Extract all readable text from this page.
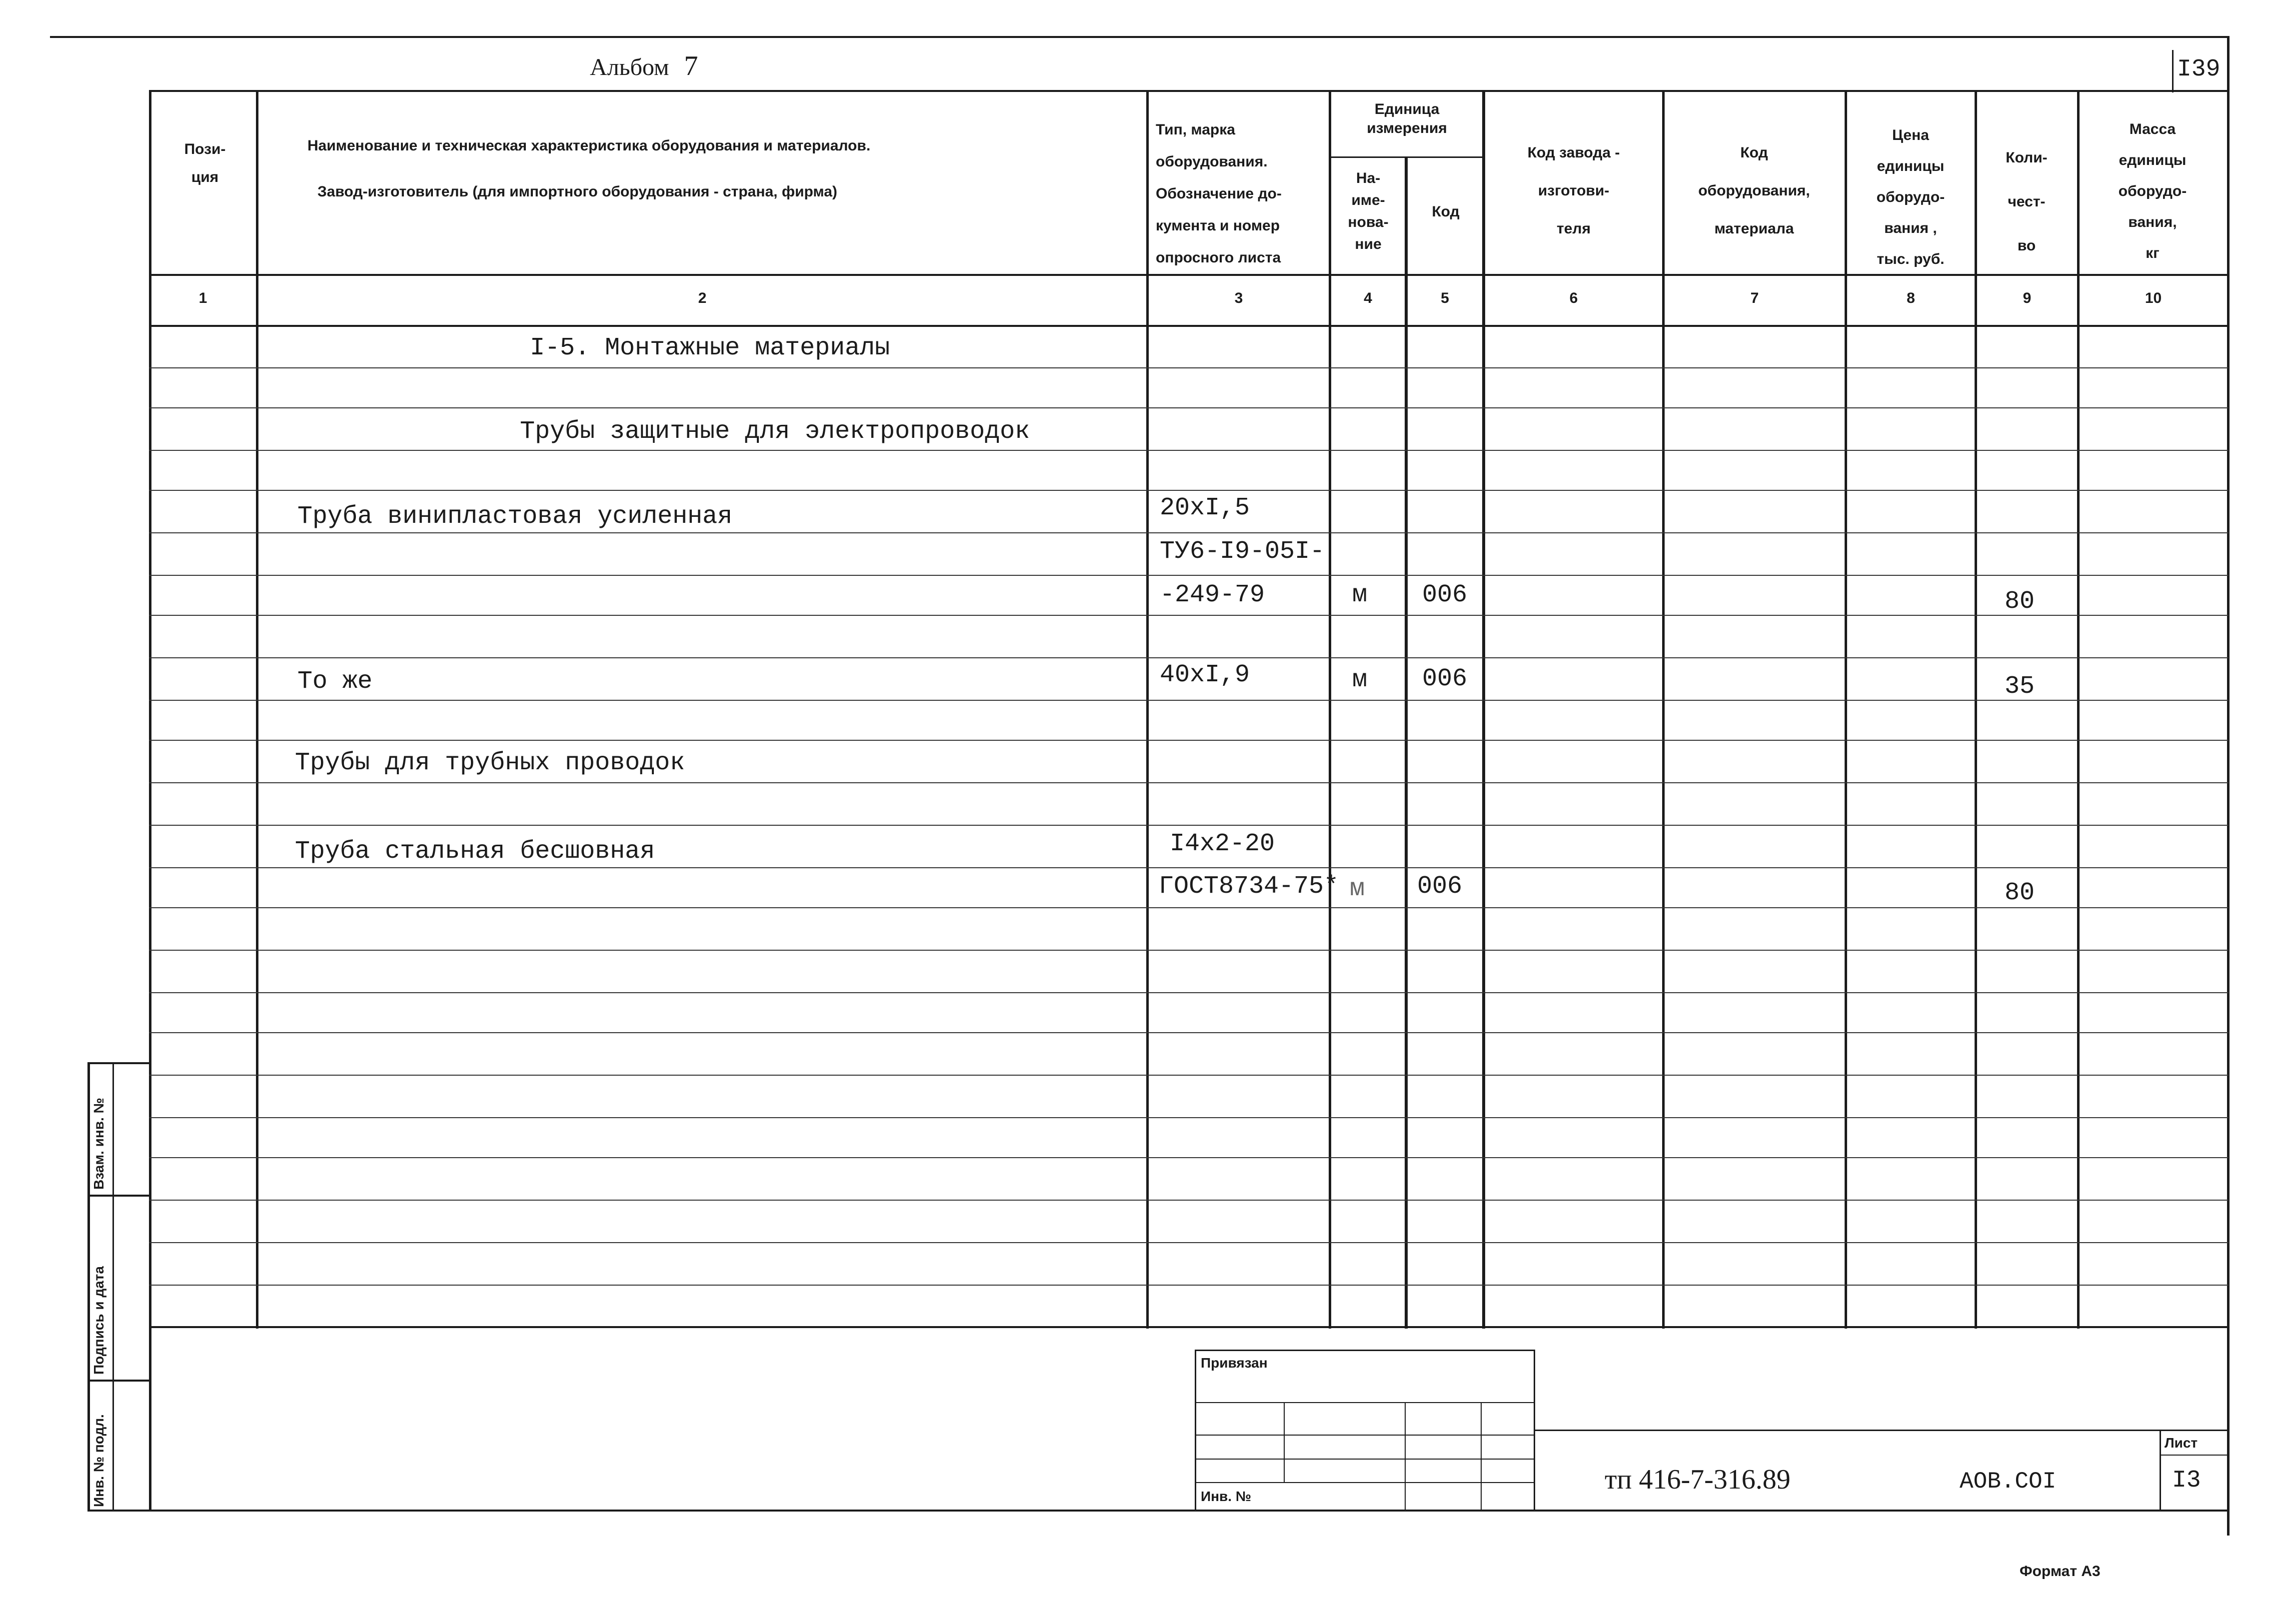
I39
Альбом 7
Пози-
ция
Наименование и техническая характеристика оборудования и материалов.
Завод-изготовитель (для импортного оборудования - страна, фирма)
Тип, марка
оборудования.
Обозначение до-
кумента и номер
опросного листа
Единица
измерения
На-
име-
нова-
ние
Код
Код завода -
изготови-
теля
Код
оборудования,
материала
Цена
единицы
оборудо-
вания ,
тыс. руб.
Коли-
чест-
во
Масса
единицы
оборудо-
вания,
кг
1	2	3	4	5	6	7	8	9	10
I-5. Монтажные материалы
Трубы защитные для электропроводок
Труба винипластовая усиленная	20хI,5
ТУ6-I9-05I-
-249-79	м 006	80
То же	40хI,9	м 006	35
Трубы для трубных проводок
Труба стальная бесшовная	I4х2-20
ГОСТ8734-75* м 006	80
Взам. инв. №
Подпись и дата
Инв. № подл.
Привязан
Инв. №
тп 416-7-316.89	АОВ.СОI
Лист
I3
Формат А3
